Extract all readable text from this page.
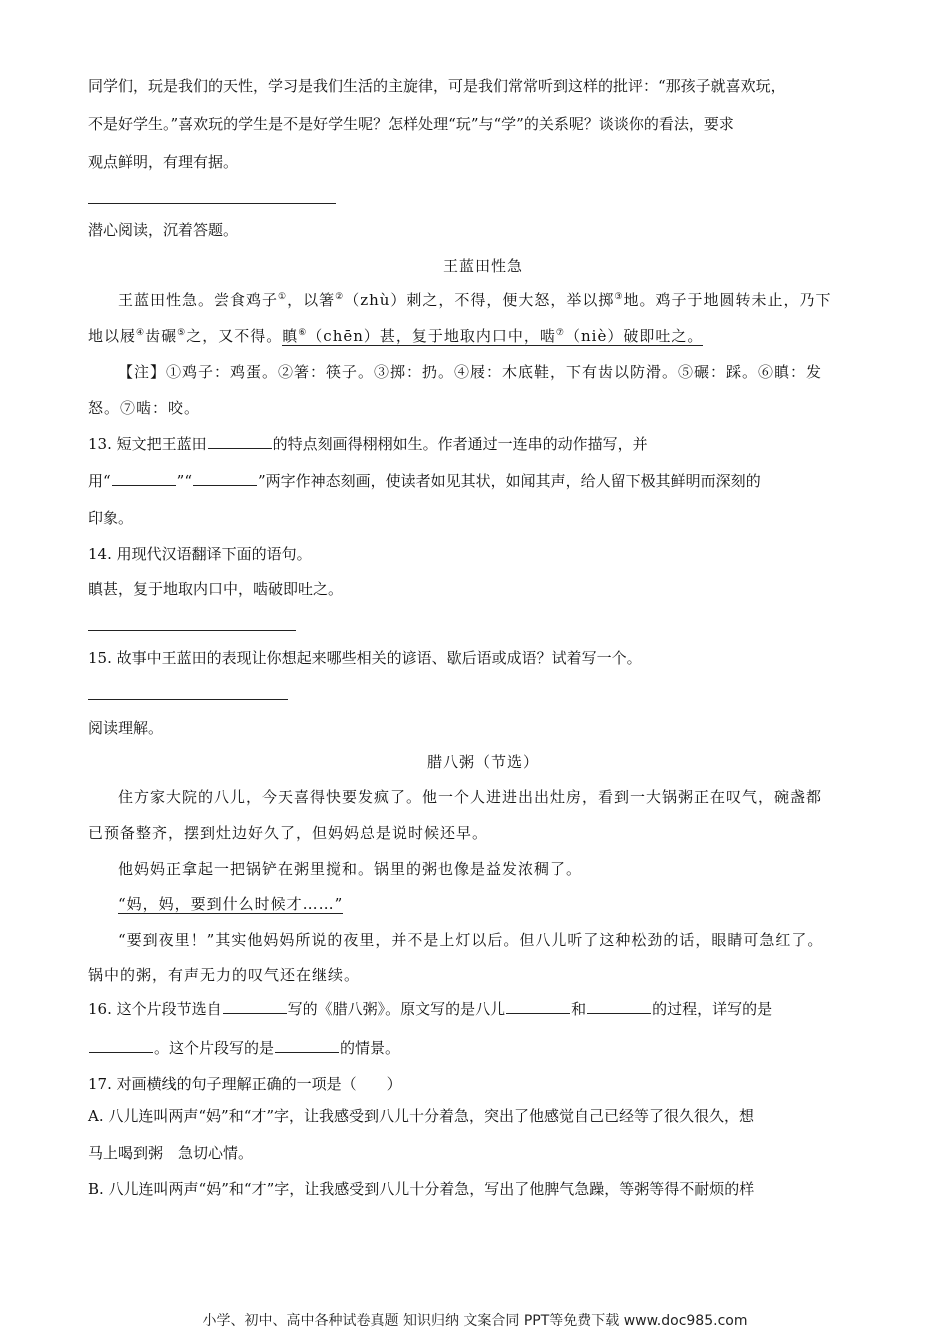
同学们，玩是我们的天性，学习是我们生活的主旋律，可是我们常常听到这样的批评：“那孩子就喜欢玩，
不是好学生。”喜欢玩的学生是不是好学生呢？怎样处理“玩”与“学”的关系呢？谈谈你的看法，要求
观点鲜明，有理有据。
潜心阅读，沉着答题。
王蓝田性急
王蓝田性急。尝食鸡子①，以箸②（zhù）刺之，不得，便大怒，举以掷③地。鸡子于地圆转未止，乃下
地以屐④齿碾⑤之，又不得。瞋⑥（chēn）甚，复于地取内口中，啮⑦（niè）破即吐之。
【注】①鸡子：鸡蛋。②箸：筷子。③掷：扔。④屐：木底鞋，下有齿以防滑。⑤碾：踩。⑥瞋：发
怒。⑦啮：咬。
13. 短文把王蓝田	的特点刻画得栩栩如生。作者通过一连串的动作描写，并
用“	”“	”两字作神态刻画，使读者如见其状，如闻其声，给人留下极其鲜明而深刻的
印象。
14. 用现代汉语翻译下面的语句。
瞋甚，复于地取内口中，啮破即吐之。
15. 故事中王蓝田的表现让你想起来哪些相关的谚语、歇后语或成语？试着写一个。
阅读理解。
腊八粥（节选）
住方家大院的八儿，今天喜得快要发疯了。他一个人进进出出灶房，看到一大锅粥正在叹气，碗盏都
已预备整齐，摆到灶边好久了，但妈妈总是说时候还早。
他妈妈正拿起一把锅铲在粥里搅和。锅里的粥也像是益发浓稠了。
“妈，妈，要到什么时候才……”
“要到夜里！”其实他妈妈所说的夜里，并不是上灯以后。但八儿听了这种松劲的话，眼睛可急红了。
锅中的粥，有声无力的叹气还在继续。
16. 这个片段节选自	写的《腊八粥》。原文写的是八儿	和	的过程，详写的是
。这个片段写的是	的情景。
17. 对画横线的句子理解正确的一项是（　　）
A. 八儿连叫两声“妈”和“才”字，让我感受到八儿十分着急，突出了他感觉自己已经等了很久很久，想
马上喝到粥　急切心情。
B. 八儿连叫两声“妈”和“才”字，让我感受到八儿十分着急，写出了他脾气急躁，等粥等得不耐烦的样
小学、初中、高中各种试卷真题 知识归纳 文案合同 PPT等免费下载 www.doc985.com
